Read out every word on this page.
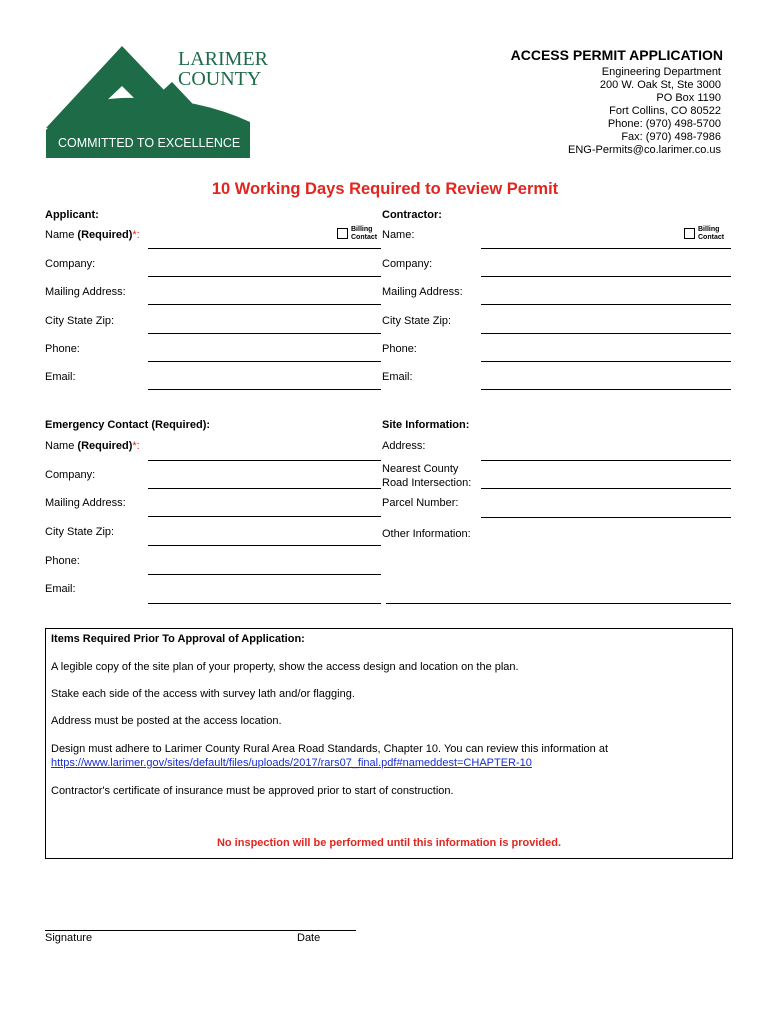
LARIMER
COUNTY
COMMITTED TO EXCELLENCE
ACCESS PERMIT APPLICATION
Engineering Department
200 W. Oak St, Ste 3000
PO Box 1190
Fort Collins, CO 80522
Phone: (970) 498-5700
Fax: (970) 498-7986
ENG-Permits@co.larimer.co.us
10 Working Days Required to Review Permit
Applicant:
Name (Required)*:	Billing
Contact
Company:
Mailing Address:
City State Zip:
Phone:
Email:
Contractor:
Name:	Billing
Contact
Company:
Mailing Address:
City State Zip:
Phone:
Email:
Emergency Contact (Required):
Name (Required)*:
Company:
Mailing Address:
City State Zip:
Phone:
Email:
Site Information:
Address:
Nearest County
Road Intersection:
Parcel Number:
Other Information:
Items Required Prior To Approval of Application:
A legible copy of the site plan of your property, show the access design and location on the plan.
Stake each side of the access with survey lath and/or flagging.
Address must be posted at the access location.
Design must adhere to Larimer County Rural Area Road Standards, Chapter 10. You can review this information at
https://www.larimer.gov/sites/default/files/uploads/2017/rars07_final.pdf#nameddest=CHAPTER-10
Contractor's certificate of insurance must be approved prior to start of construction.
No inspection will be performed until this information is provided.
Signature	Date
